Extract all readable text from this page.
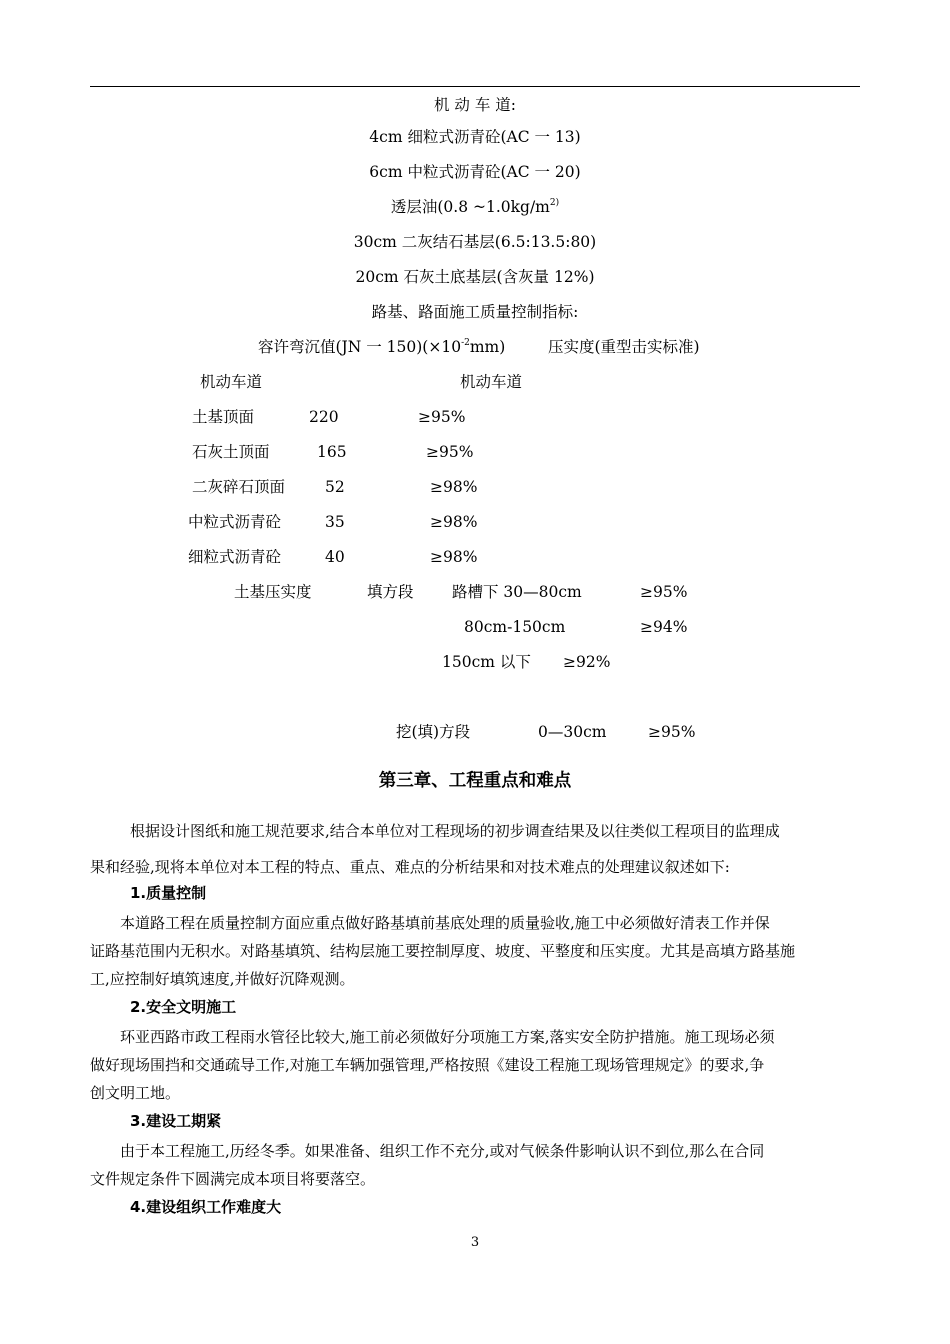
机 动 车 道:
4cm 细粒式沥青砼(AC 一 13)
6cm 中粒式沥青砼(AC 一 20)
透层油(0.8 $\sim 1.0kg/m^{2)}$
30cm 二灰结石基层(6.5:13.5:80)
20cm 石灰土底基层(含灰量 12%)
路基、路面施工质量控制指标:
容许弯沉值(JN 一 $150)(\times 10^{-2}mm)$	压实度(重型击实标准)
机动车道	机动车道
土基顶面	220	≥95%
石灰土顶面	165	≥95%
二灰碎石顶面	52	≥98%
中粒式沥青砼	35	≥98%
细粒式沥青砼	40	≥98%
土基压实度	填方段 路槽下 30—80cm	≥95%
80cm-150cm	≥94%
150cm 以下 ≥92%
挖(填)方段	0—30cm	≥95%
第三章、工程重点和难点
根据设计图纸和施工规范要求,结合本单位对工程现场的初步调查结果及以往类似工程项目的监理成
果和经验,现将本单位对本工程的特点、重点、难点的分析结果和对技术难点的处理建议叙述如下:
1.质量控制
本道路工程在质量控制方面应重点做好路基填前基底处理的质量验收,施工中必须做好清表工作并保
证路基范围内无积水。对路基填筑、结构层施工要控制厚度、坡度、平整度和压实度。尤其是高填方路基施
工,应控制好填筑速度,并做好沉降观测。
2.安全文明施工
环亚西路市政工程雨水管径比较大,施工前必须做好分项施工方案,落实安全防护措施。施工现场必须
做好现场围挡和交通疏导工作,对施工车辆加强管理,严格按照《建设工程施工现场管理规定》的要求,争
创文明工地。
3.建设工期紧
由于本工程施工,历经冬季。如果准备、组织工作不充分,或对气候条件影响认识不到位,那么在合同
文件规定条件下圆满完成本项目将要落空。
4.建设组织工作难度大
3
